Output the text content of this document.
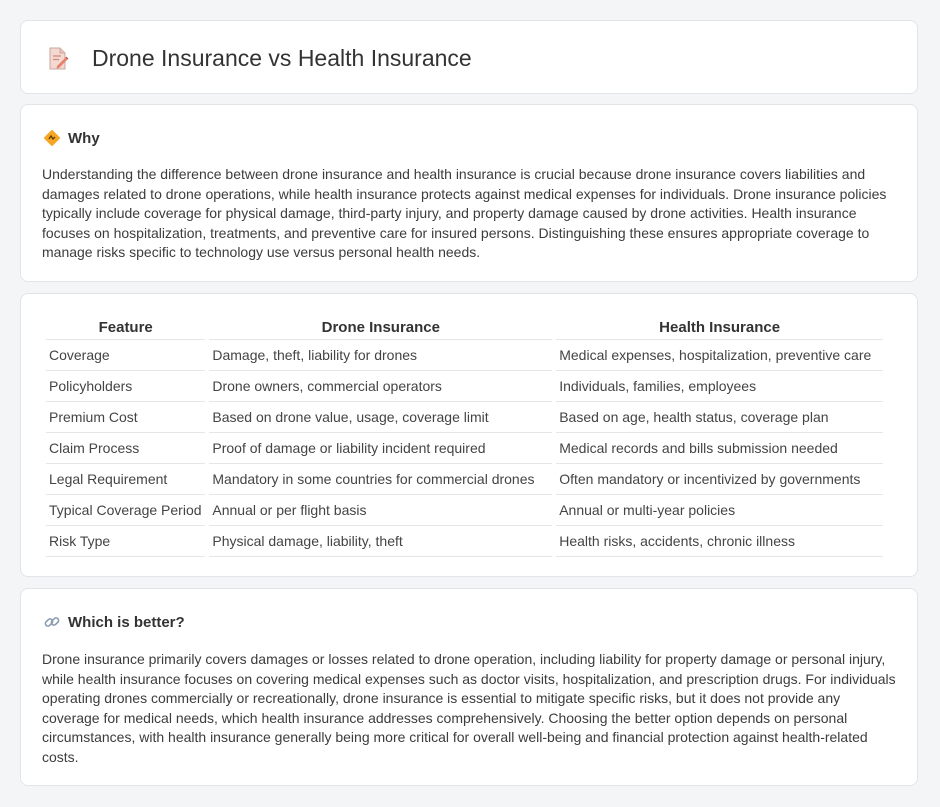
Drone Insurance vs Health Insurance
Why

Understanding the difference between drone insurance and health insurance is crucial because drone insurance covers liabilities and damages related to drone operations, while health insurance protects against medical expenses for individuals. Drone insurance policies typically include coverage for physical damage, third-party injury, and property damage caused by drone activities. Health insurance focuses on hospitalization, treatments, and preventive care for insured persons. Distinguishing these ensures appropriate coverage to manage risks specific to technology use versus personal health needs.

Feature	Drone Insurance	Health Insurance
Coverage	Damage, theft, liability for drones	Medical expenses, hospitalization, preventive care
Policyholders	Drone owners, commercial operators	Individuals, families, employees
Premium Cost	Based on drone value, usage, coverage limit	Based on age, health status, coverage plan
Claim Process	Proof of damage or liability incident required	Medical records and bills submission needed
Legal Requirement	Mandatory in some countries for commercial drones	Often mandatory or incentivized by governments
Typical Coverage Period	Annual or per flight basis	Annual or multi-year policies
Risk Type	Physical damage, liability, theft	Health risks, accidents, chronic illness
Which is better?

Drone insurance primarily covers damages or losses related to drone operation, including liability for property damage or personal injury, while health insurance focuses on covering medical expenses such as doctor visits, hospitalization, and prescription drugs. For individuals operating drones commercially or recreationally, drone insurance is essential to mitigate specific risks, but it does not provide any coverage for medical needs, which health insurance addresses comprehensively. Choosing the better option depends on personal circumstances, with health insurance generally being more critical for overall well-being and financial protection against health-related costs.
